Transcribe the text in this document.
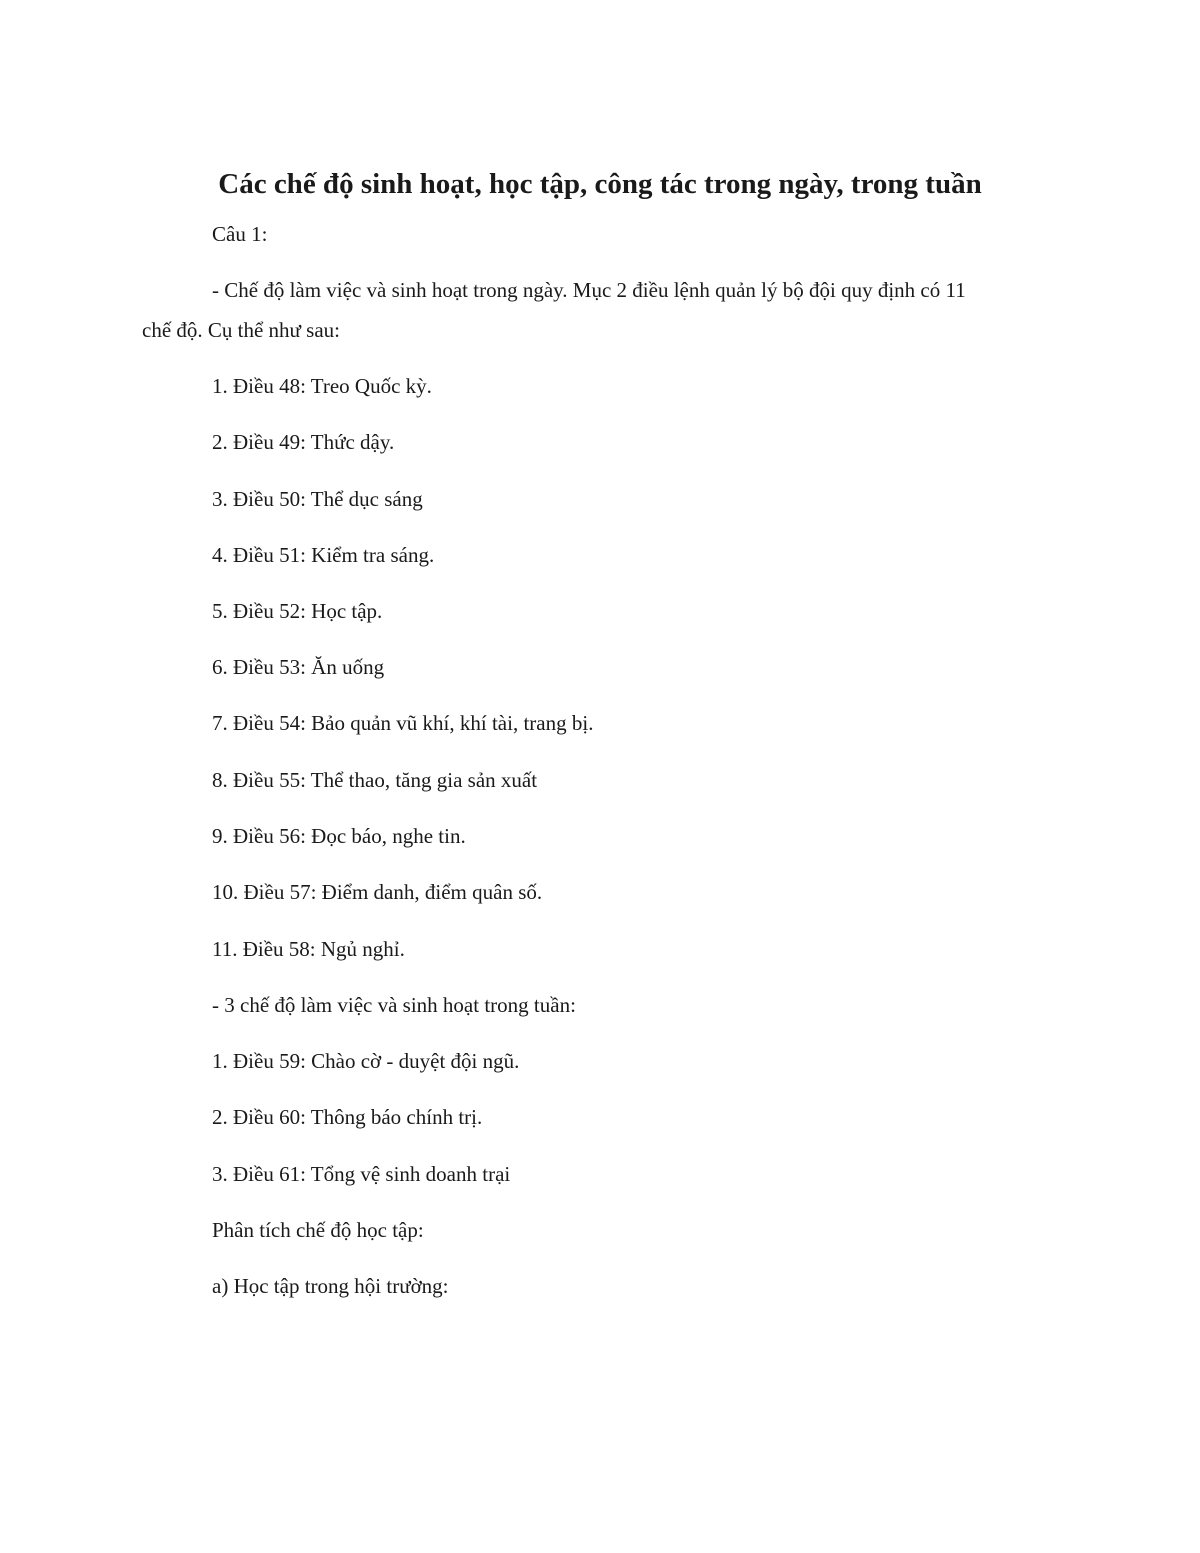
Các chế độ sinh hoạt, học tập, công tác trong ngày, trong tuần

Câu 1:

- Chế độ làm việc và sinh hoạt trong ngày. Mục 2 điều lệnh quản lý bộ đội quy định có 11

chế độ. Cụ thể như sau:

1. Điều 48: Treo Quốc kỳ.

2. Điều 49: Thức dậy.

3. Điều 50: Thể dục sáng

4. Điều 51: Kiểm tra sáng.

5. Điều 52: Học tập.

6. Điều 53: Ăn uống

7. Điều 54: Bảo quản vũ khí, khí tài, trang bị.

8. Điều 55: Thể thao, tăng gia sản xuất

9. Điều 56: Đọc báo, nghe tin.

10. Điều 57: Điểm danh, điểm quân số.

11. Điều 58: Ngủ nghỉ.

- 3 chế độ làm việc và sinh hoạt trong tuần:

1. Điều 59: Chào cờ - duyệt đội ngũ.

2. Điều 60: Thông báo chính trị.

3. Điều 61: Tổng vệ sinh doanh trại

Phân tích chế độ học tập:

a) Học tập trong hội trường:
